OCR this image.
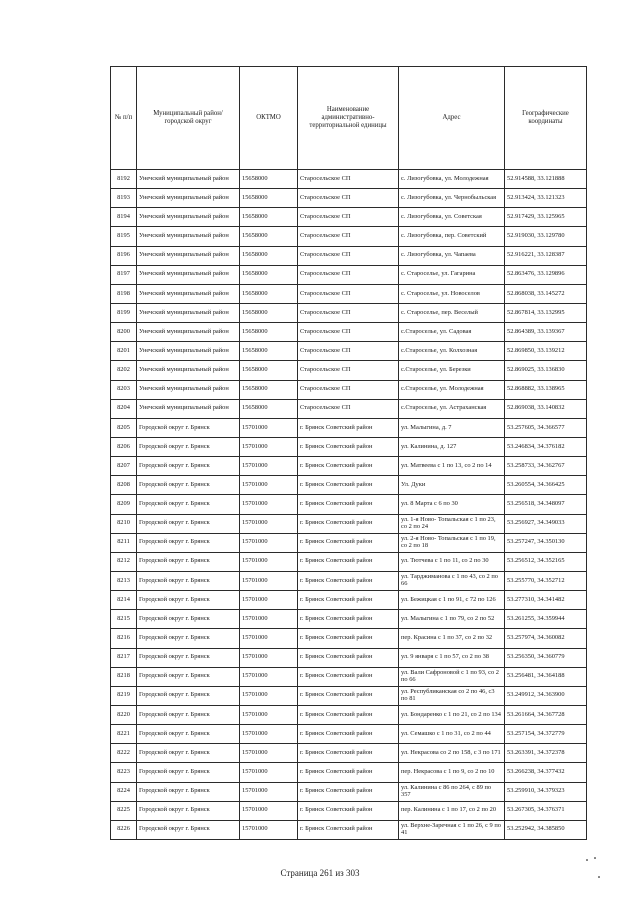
№ п/п	Муниципальный район/городской округ	ОКТМО	Наименование административно-территориальной единицы	Адрес	Географические координаты
8192	Унечский муниципальный район	15658000	Старосельское СП	с. Лизогубовка, ул. Молодежная	52.914588, 33.121888
8193	Унечский муниципальный район	15658000	Старосельское СП	с. Лизогубовка, ул. Чернобыльская	52.913424, 33.121323
8194	Унечский муниципальный район	15658000	Старосельское СП	с. Лизогубовка, ул. Советская	52.917429, 33.125965
8195	Унечский муниципальный район	15658000	Старосельское СП	с. Лизогубовка, пер. Советский	52.919030, 33.129780
8196	Унечский муниципальный район	15658000	Старосельское СП	с. Лизогубовка, ул. Чапаева	52.916221, 33.128387
8197	Унечский муниципальный район	15658000	Старосельское СП	с. Староселье, ул. Гагарина	52.863476, 33.129896
8198	Унечский муниципальный район	15658000	Старосельское СП	с. Староселье, ул. Новоселов	52.868038, 33.145272
8199	Унечский муниципальный район	15658000	Старосельское СП	с. Староселье, пер. Веселый	52.867814, 33.132995
8200	Унечский муниципальный район	15658000	Старосельское СП	с.Староселье, ул. Садовая	52.864389, 33.139367
8201	Унечский муниципальный район	15658000	Старосельское СП	с.Староселье, ул. Колхозная	52.869850, 33.139212
8202	Унечский муниципальный район	15658000	Старосельское СП	с.Староселье, ул. Березки	52.869025, 33.136830
8203	Унечский муниципальный район	15658000	Старосельское СП	с.Староселье, ул. Молодежная	52.868882, 33.138965
8204	Унечский муниципальный район	15658000	Старосельское СП	с.Староселье, ул. Астраханская	52.869038, 33.140832
8205	Городской округ г. Брянск	15701000	г. Брянск Советский район	ул. Малыгина, д. 7	53.257605, 34.366577
8206	Городской округ г. Брянск	15701000	г. Брянск Советский район	ул. Калинина, д. 127	53.246834, 34.376182
8207	Городской округ г. Брянск	15701000	г. Брянск Советский район	ул. Матвеева с 1 по 13, со 2 по 14	53.258733, 34.362767
8208	Городской округ г. Брянск	15701000	г. Брянск Советский район	Ул. Дуки	53.260554, 34.366425
8209	Городской округ г. Брянск	15701000	г. Брянск Советский район	ул. 8 Марта с 6 по 30	53.256518, 34.348097
8210	Городской округ г. Брянск	15701000	г. Брянск Советский район	ул. 1-я Ново- Топальская с 1 по 23, со 2 по 24	53.256927, 34.349033
8211	Городской округ г. Брянск	15701000	г. Брянск Советский район	ул. 2-я Ново- Топальская с 1 по 19, со 2 по 18	53.257247, 34.350130
8212	Городской округ г. Брянск	15701000	г. Брянск Советский район	ул. Тютчева с 1 по 11, со 2 по 30	53.256512, 34.352165
8213	Городской округ г. Брянск	15701000	г. Брянск Советский район	ул. Тарджиманова с 1 по 43, со 2 по 66	53.255770, 34.352712
8214	Городской округ г. Брянск	15701000	г. Брянск Советский район	ул. Бежицкая с 1 по 91, с 72 по 126	53.277310, 34.341482
8215	Городской округ г. Брянск	15701000	г. Брянск Советский район	ул. Малыгина с 1 по 79, со 2 по 52	53.261255, 34.359944
8216	Городской округ г. Брянск	15701000	г. Брянск Советский район	пер. Красина с 1 по 37, со 2 по 32	53.257974, 34.360082
8217	Городской округ г. Брянск	15701000	г. Брянск Советский район	ул. 9 января с 1 по 57, со 2 по 38	53.256350, 34.360779
8218	Городской округ г. Брянск	15701000	г. Брянск Советский район	ул. Вали Сафроновой с 1 по 93, со 2 по 66	53.256481, 34.364188
8219	Городской округ г. Брянск	15701000	г. Брянск Советский район	ул. Республиканская со 2 по 46, с3 по 81	53.249912, 34.363900
8220	Городской округ г. Брянск	15701000	г. Брянск Советский район	ул. Бондаренко с 1 по 21, со 2 по 134	53.261664, 34.367728
8221	Городской округ г. Брянск	15701000	г. Брянск Советский район	ул. Семашко с 1 по 31, со 2 по 44	53.257154, 34.372779
8222	Городской округ г. Брянск	15701000	г. Брянск Советский район	ул. Некрасова со 2 по 158, с 3 по 171	53.263391, 34.372378
8223	Городской округ г. Брянск	15701000	г. Брянск Советский район	пер. Некрасова с 1 по 9, со 2 по 10	53.266238, 34.377432
8224	Городской округ г. Брянск	15701000	г. Брянск Советский район	ул. Калинина с 86 по 264, с 89 по 357	53.259910, 34.379323
8225	Городской округ г. Брянск	15701000	г. Брянск Советский район	пер. Калинина с 1 по 17, со 2 по 20	53.267305, 34.376371
8226	Городской округ г. Брянск	15701000	г. Брянск Советский район	ул. Верхне-Заречная с 1 по 26, с 9 по 41	53.252942, 34.385850
Страница 261 из 303
